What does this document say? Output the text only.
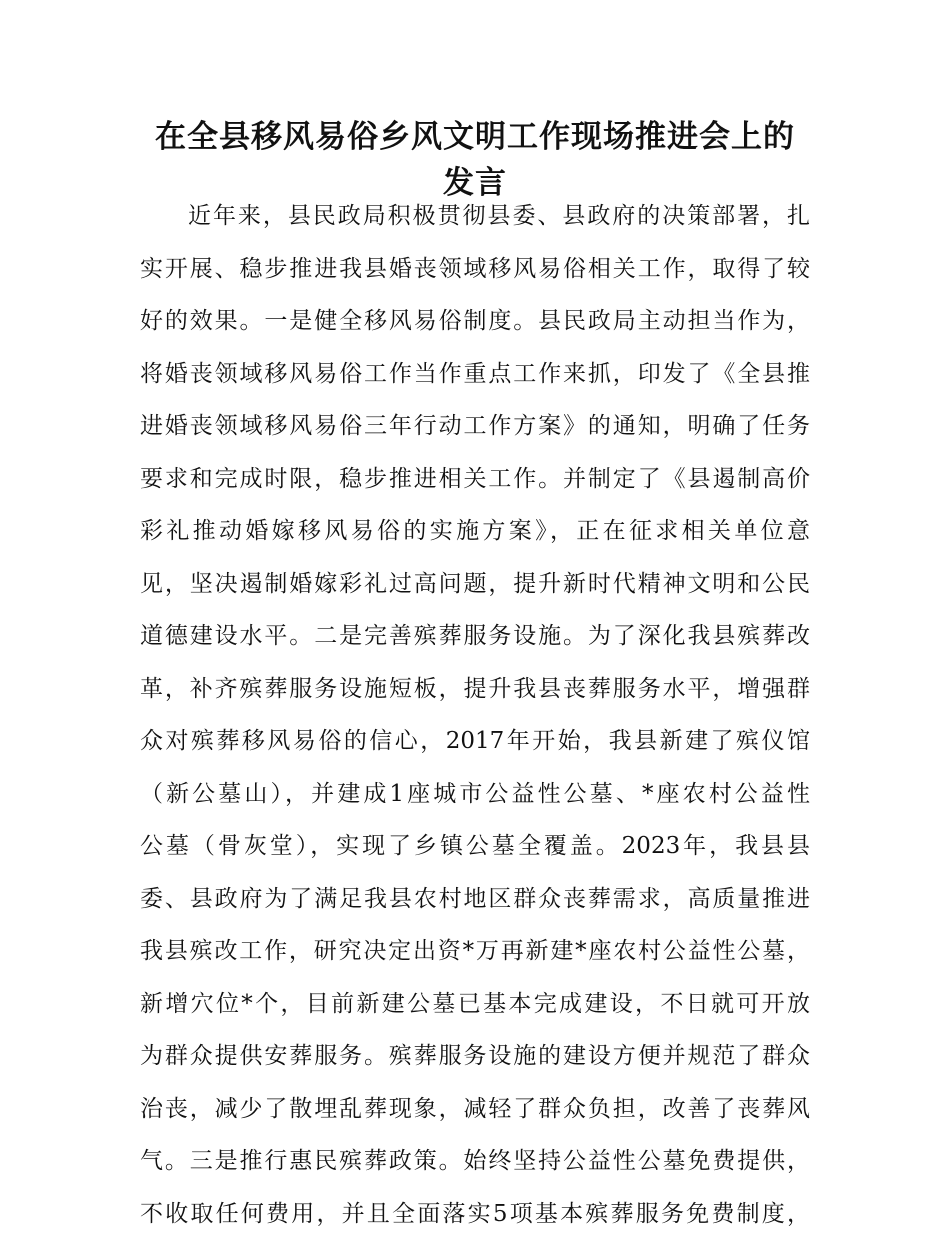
在全县移风易俗乡风文明工作现场推进会上的
发言
近年来，县民政局积极贯彻县委、县政府的决策部署，扎
实开展、稳步推进我县婚丧领域移风易俗相关工作，取得了较
好的效果。一是健全移风易俗制度。县民政局主动担当作为，
将婚丧领域移风易俗工作当作重点工作来抓，印发了《全县推
进婚丧领域移风易俗三年行动工作方案》的通知，明确了任务
要求和完成时限，稳步推进相关工作。并制定了《县遏制高价
彩礼推动婚嫁移风易俗的实施方案》，正在征求相关单位意
见，坚决遏制婚嫁彩礼过高问题，提升新时代精神文明和公民
道德建设水平。二是完善殡葬服务设施。为了深化我县殡葬改
革，补齐殡葬服务设施短板，提升我县丧葬服务水平，增强群
众对殡葬移风易俗的信心，2017年开始，我县新建了殡仪馆
（新公墓山），并建成1座城市公益性公墓、*座农村公益性
公墓（骨灰堂），实现了乡镇公墓全覆盖。2023年，我县县
委、县政府为了满足我县农村地区群众丧葬需求，高质量推进
我县殡改工作，研究决定出资*万再新建*座农村公益性公墓，
新增穴位*个，目前新建公墓已基本完成建设，不日就可开放
为群众提供安葬服务。殡葬服务设施的建设方便并规范了群众
治丧，减少了散埋乱葬现象，减轻了群众负担，改善了丧葬风
气。三是推行惠民殡葬政策。始终坚持公益性公墓免费提供，
不收取任何费用，并且全面落实5项基本殡葬服务免费制度，
